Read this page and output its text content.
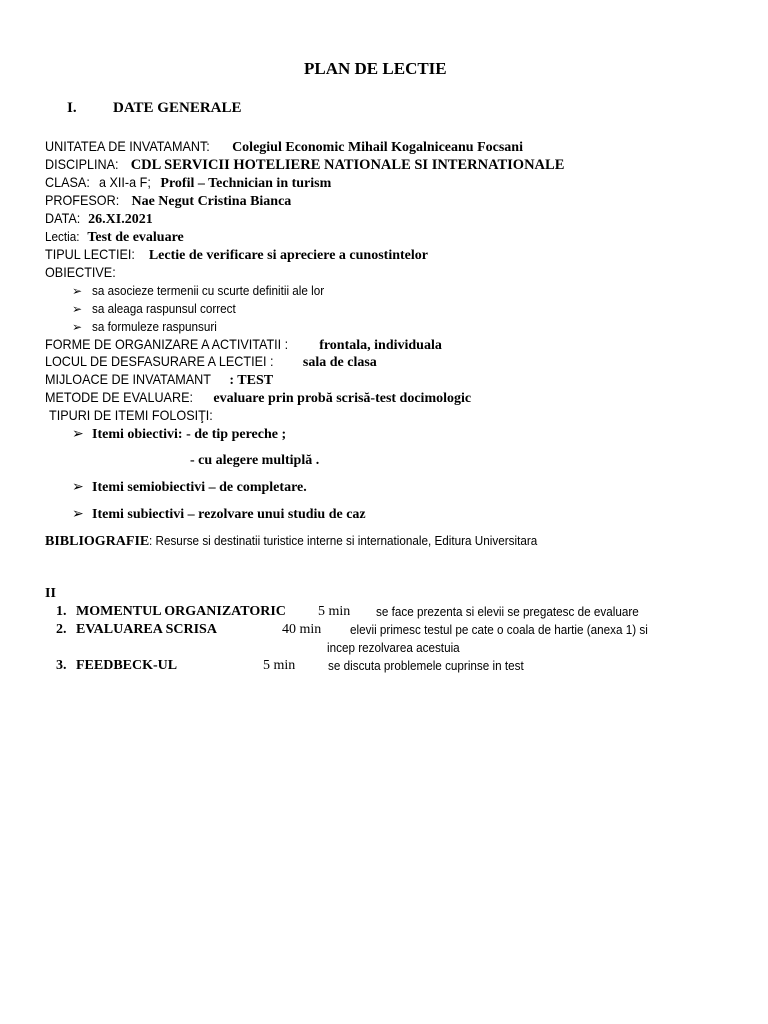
PLAN DE LECTIE
I. DATE GENERALE
UNITATEA DE INVATAMANT: Colegiul Economic Mihail Kogalniceanu Focsani
DISCIPLINA: CDL SERVICII HOTELIERE NATIONALE SI INTERNATIONALE
CLASA: a XII-a F; Profil – Technician in turism
PROFESOR: Nae Negut Cristina Bianca
DATA: 26.XI.2021
Lectia: Test de evaluare
TIPUL LECTIEI: Lectie de verificare si apreciere a cunostintelor
OBIECTIVE:
➢ sa asocieze termenii cu scurte definitii ale lor
➢ sa aleaga raspunsul correct
➢ sa formuleze raspunsuri
FORME DE ORGANIZARE A ACTIVITATII : frontala, individuala
LOCUL DE DESFASURARE A LECTIEI : sala de clasa
MIJLOACE DE INVATAMANT : TEST
METODE DE EVALUARE: evaluare prin probă scrisă-test docimologic
TIPURI DE ITEMI FOLOSIŢI:
➢ Itemi obiectivi: - de tip pereche ;
- cu alegere multiplă .
➢ Itemi semiobiectivi – de completare.
➢ Itemi subiectivi – rezolvare unui studiu de caz
BIBLIOGRAFIE: Resurse si destinatii turistice interne si internationale, Editura Universitara
II
1. MOMENTUL ORGANIZATORIC 5 min se face prezenta si elevii se pregatesc de evaluare
2. EVALUAREA SCRISA	40 min elevii primesc testul pe cate o coala de hartie (anexa 1) si
incep rezolvarea acestuia
3. FEEDBECK-UL	5 min	se discuta problemele cuprinse in test
